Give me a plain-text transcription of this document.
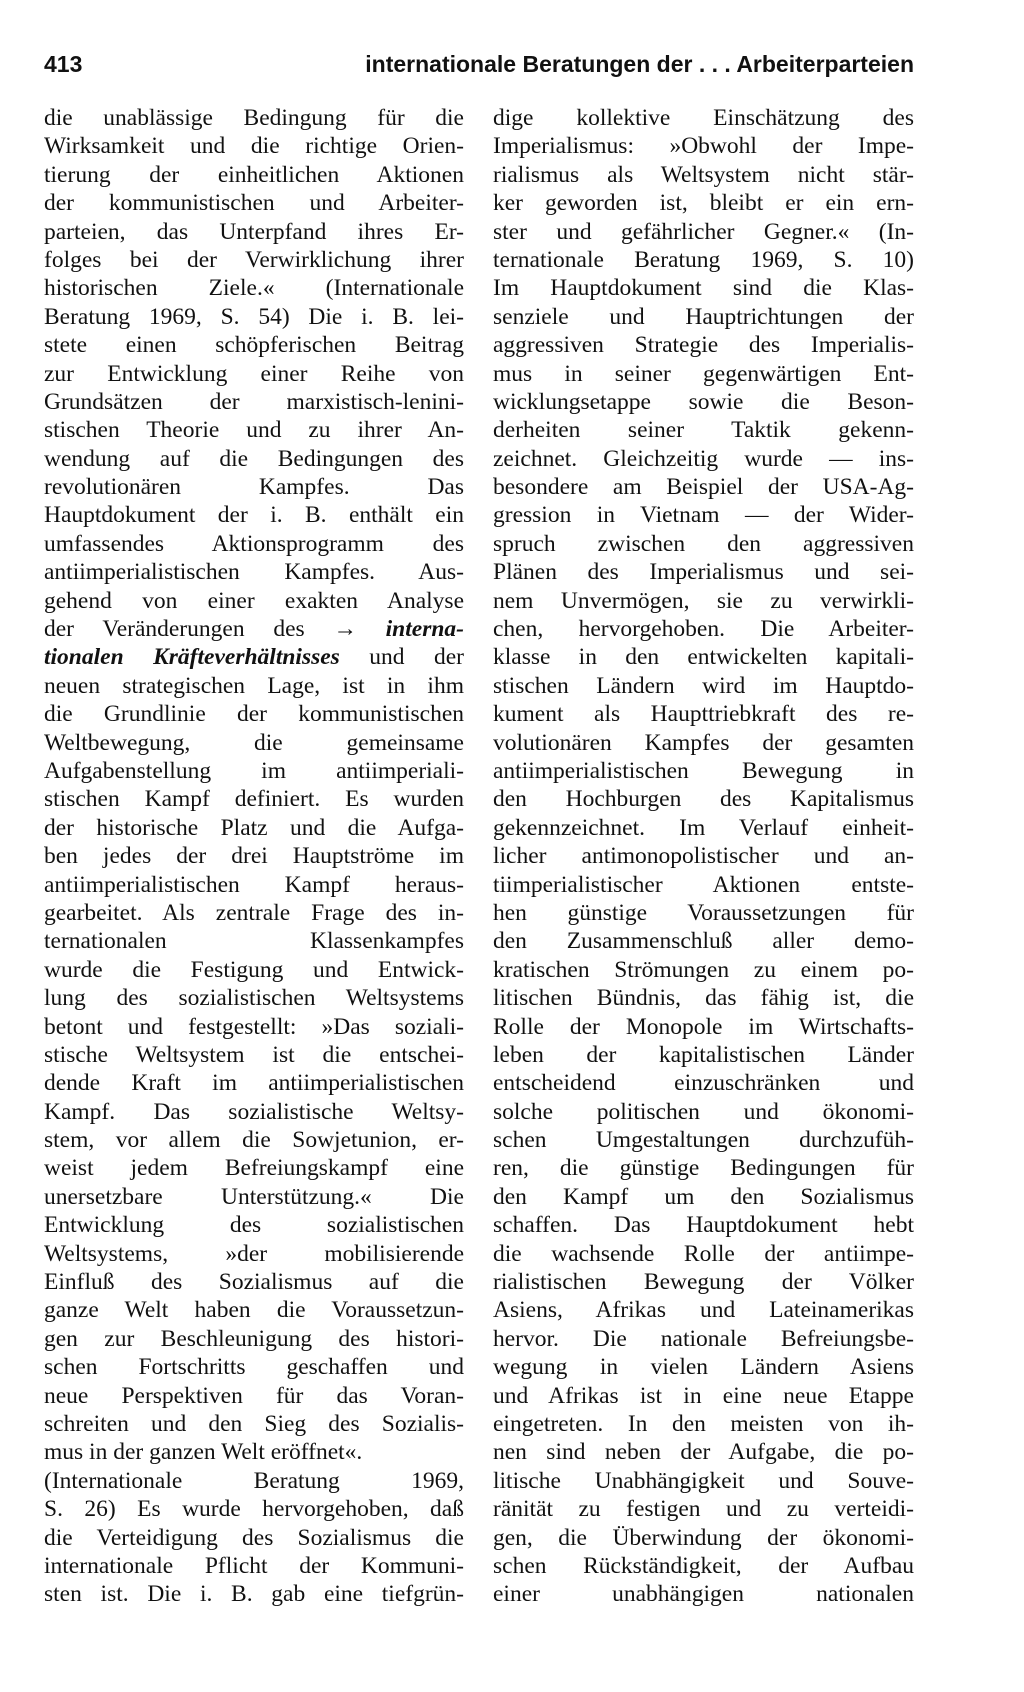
413	internationale Beratungen der . . . Arbeiterparteien
die unablässige Bedingung für die
Wirksamkeit und die richtige Orien-
tierung der einheitlichen Aktionen
der kommunistischen und Arbeiter-
parteien, das Unterpfand ihres Er-
folges bei der Verwirklichung ihrer
historischen Ziele.« (Internationale
Beratung 1969, S. 54) Die i. B. lei-
stete einen schöpferischen Beitrag
zur Entwicklung einer Reihe von
Grundsätzen der marxistisch-lenini-
stischen Theorie und zu ihrer An-
wendung auf die Bedingungen des
revolutionären Kampfes. Das
Hauptdokument der i. B. enthält ein
umfassendes Aktionsprogramm des
antiimperialistischen Kampfes. Aus-
gehend von einer exakten Analyse
der Veränderungen des → interna-
tionalen Kräfteverhältnisses und der
neuen strategischen Lage, ist in ihm
die Grundlinie der kommunistischen
Weltbewegung, die gemeinsame
Aufgabenstellung im antiimperiali-
stischen Kampf definiert. Es wurden
der historische Platz und die Aufga-
ben jedes der drei Hauptströme im
antiimperialistischen Kampf heraus-
gearbeitet. Als zentrale Frage des in-
ternationalen Klassenkampfes
wurde die Festigung und Entwick-
lung des sozialistischen Weltsystems
betont und festgestellt: »Das soziali-
stische Weltsystem ist die entschei-
dende Kraft im antiimperialistischen
Kampf. Das sozialistische Weltsy-
stem, vor allem die Sowjetunion, er-
weist jedem Befreiungskampf eine
unersetzbare Unterstützung.« Die
Entwicklung des sozialistischen
Weltsystems, »der mobilisierende
Einfluß des Sozialismus auf die
ganze Welt haben die Voraussetzun-
gen zur Beschleunigung des histori-
schen Fortschritts geschaffen und
neue Perspektiven für das Voran-
schreiten und den Sieg des Sozialis-
mus in der ganzen Welt eröffnet«.
(Internationale Beratung 1969,
S. 26) Es wurde hervorgehoben, daß
die Verteidigung des Sozialismus die
internationale Pflicht der Kommuni-
sten ist. Die i. B. gab eine tiefgrün-
dige kollektive Einschätzung des
Imperialismus: »Obwohl der Impe-
rialismus als Weltsystem nicht stär-
ker geworden ist, bleibt er ein ern-
ster und gefährlicher Gegner.« (In-
ternationale Beratung 1969, S. 10)
Im Hauptdokument sind die Klas-
senziele und Hauptrichtungen der
aggressiven Strategie des Imperialis-
mus in seiner gegenwärtigen Ent-
wicklungsetappe sowie die Beson-
derheiten seiner Taktik gekenn-
zeichnet. Gleichzeitig wurde — ins-
besondere am Beispiel der USA-Ag-
gression in Vietnam — der Wider-
spruch zwischen den aggressiven
Plänen des Imperialismus und sei-
nem Unvermögen, sie zu verwirkli-
chen, hervorgehoben. Die Arbeiter-
klasse in den entwickelten kapitali-
stischen Ländern wird im Hauptdo-
kument als Haupttriebkraft des re-
volutionären Kampfes der gesamten
antiimperialistischen Bewegung in
den Hochburgen des Kapitalismus
gekennzeichnet. Im Verlauf einheit-
licher antimonopolistischer und an-
tiimperialistischer Aktionen entste-
hen günstige Voraussetzungen für
den Zusammenschluß aller demo-
kratischen Strömungen zu einem po-
litischen Bündnis, das fähig ist, die
Rolle der Monopole im Wirtschafts-
leben der kapitalistischen Länder
entscheidend einzuschränken und
solche politischen und ökonomi-
schen Umgestaltungen durchzufüh-
ren, die günstige Bedingungen für
den Kampf um den Sozialismus
schaffen. Das Hauptdokument hebt
die wachsende Rolle der antiimpe-
rialistischen Bewegung der Völker
Asiens, Afrikas und Lateinamerikas
hervor. Die nationale Befreiungsbe-
wegung in vielen Ländern Asiens
und Afrikas ist in eine neue Etappe
eingetreten. In den meisten von ih-
nen sind neben der Aufgabe, die po-
litische Unabhängigkeit und Souve-
ränität zu festigen und zu verteidi-
gen, die Überwindung der ökonomi-
schen Rückständigkeit, der Aufbau
einer unabhängigen nationalen
